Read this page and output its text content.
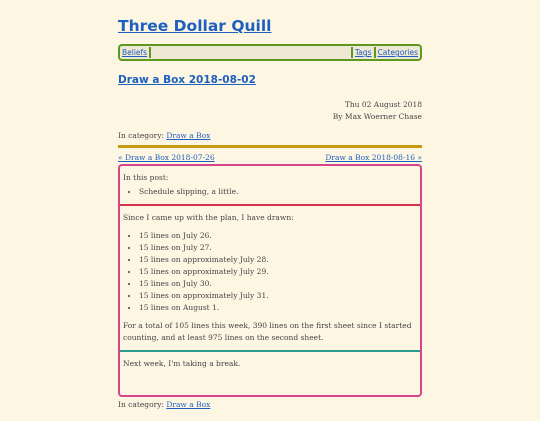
Three Dollar Quill
Beliefs	Tags Categories
Draw a Box 2018-08-02
Thu 02 August 2018
By Max Woerner Chase
In category: Draw a Box
« Draw a Box 2018-07-26	Draw a Box 2018-08-16 »

In this post:

• Schedule slipping, a little.

Since I came up with the plan, I have drawn:

• 15 lines on July 26.
• 15 lines on July 27.
• 15 lines on approximately July 28.
• 15 lines on approximately July 29.
• 15 lines on July 30.
• 15 lines on approximately July 31.
• 15 lines on August 1.

For a total of 105 lines this week, 390 lines on the first sheet since I started

counting, and at least 975 lines on the second sheet.

Next week, I'm taking a break.

In category: Draw a Box
